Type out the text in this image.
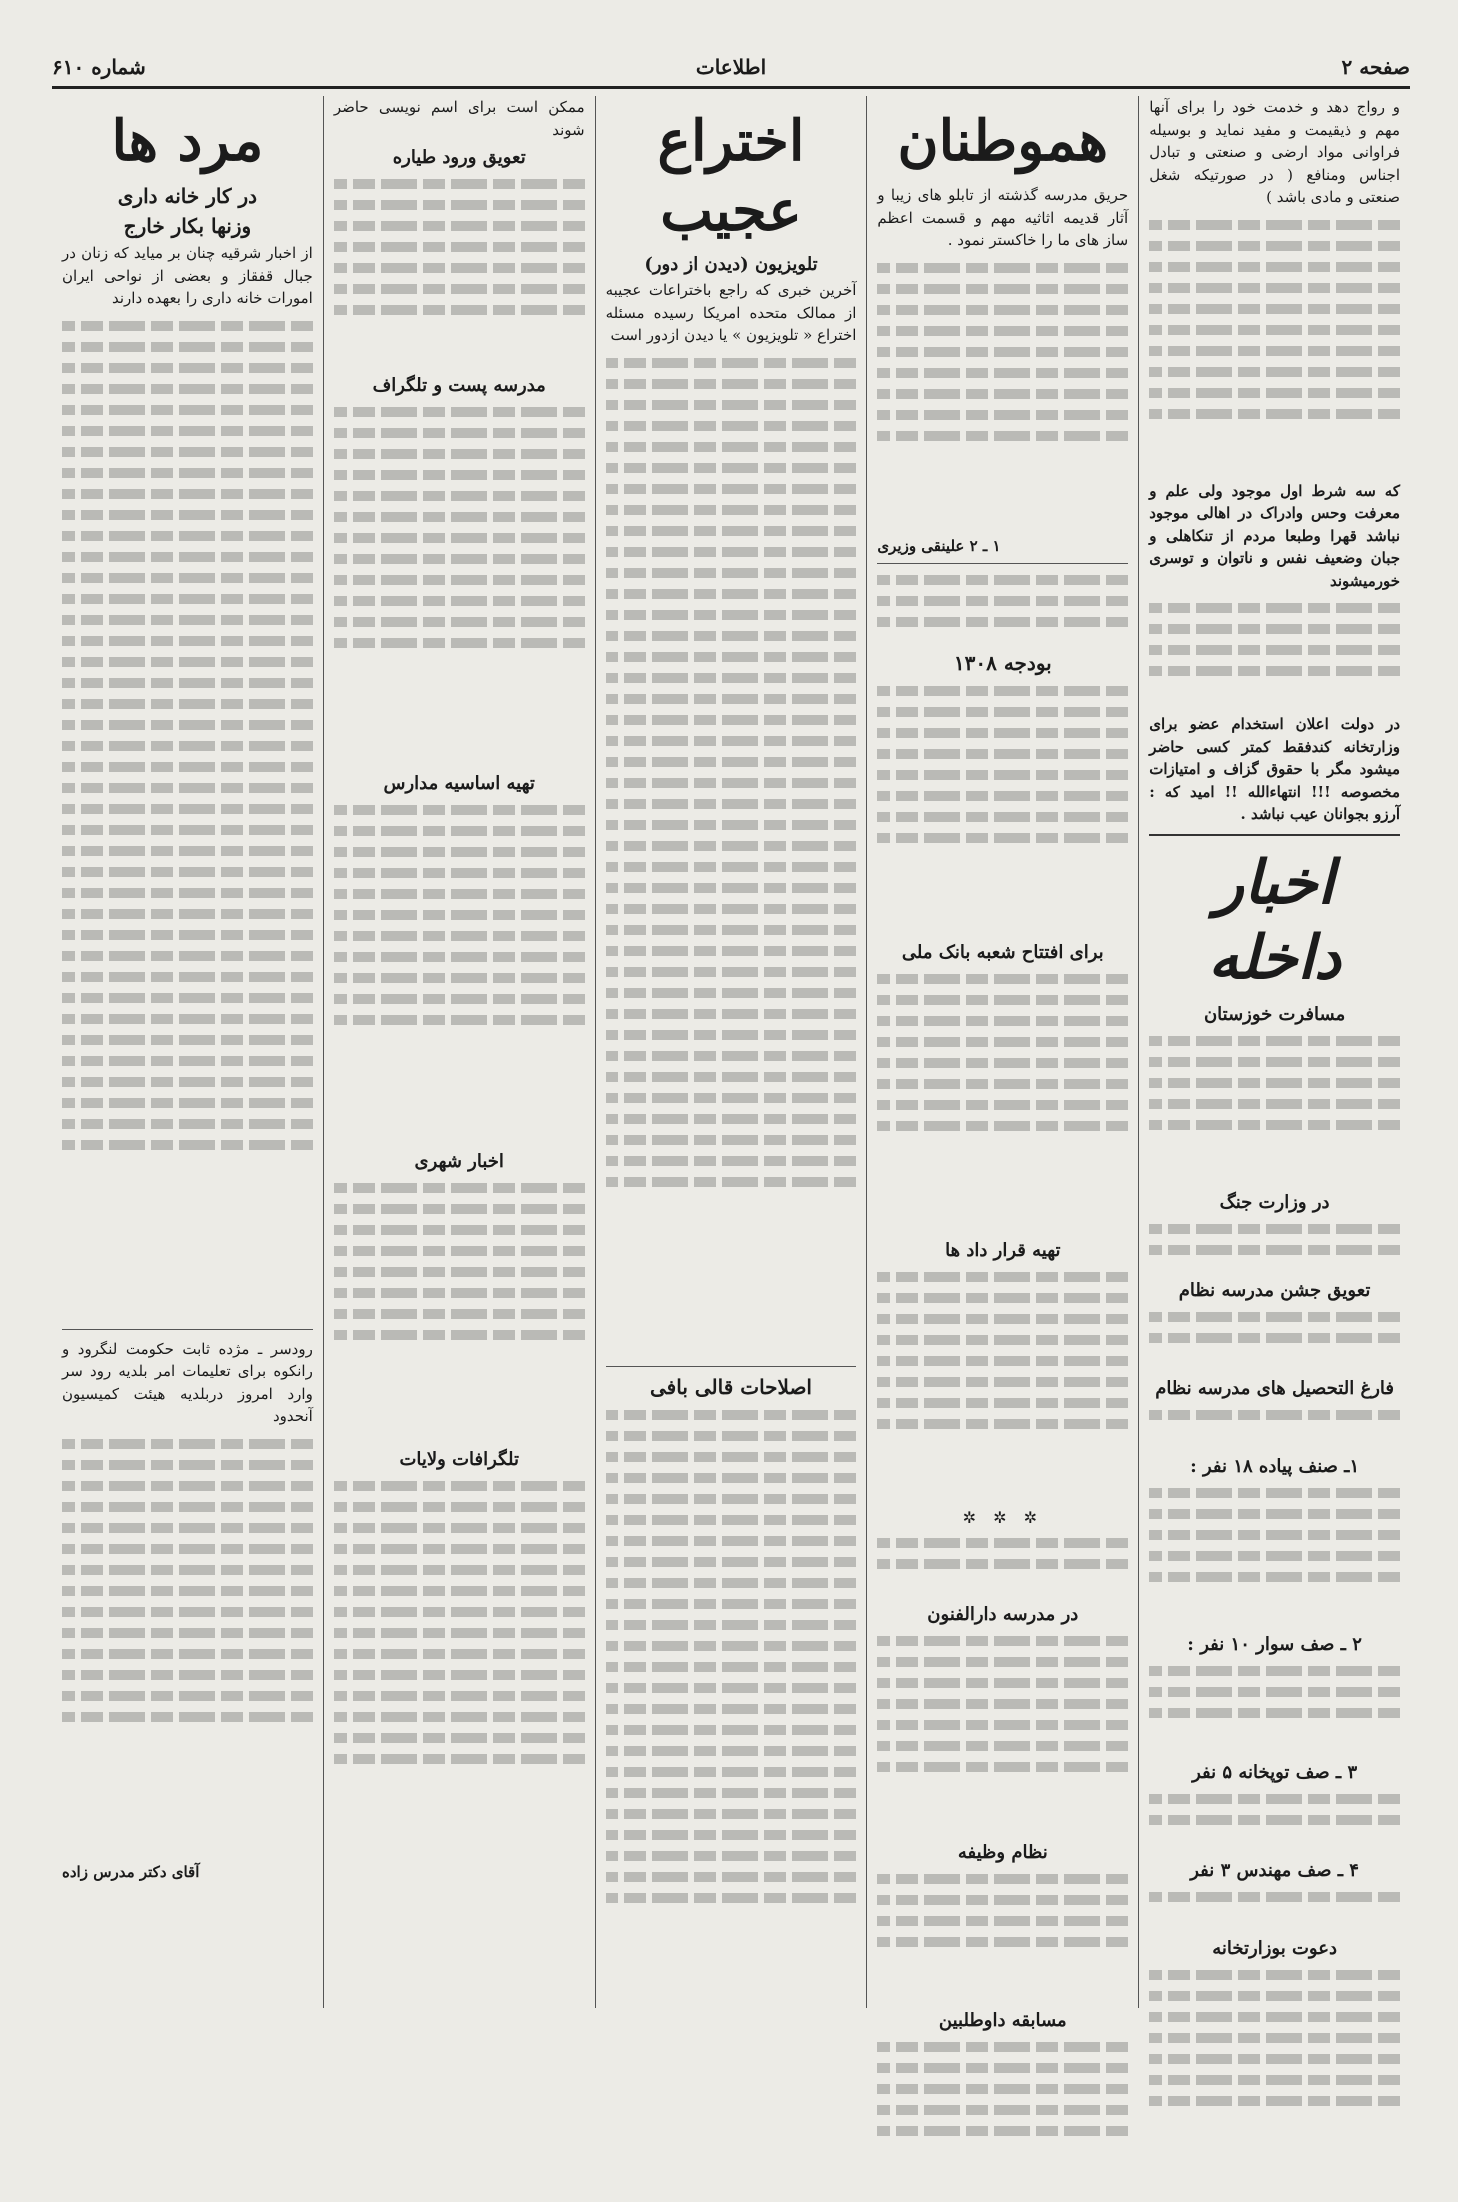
صفحه ۲
اطلاعات
شماره ۶۱۰

و رواج دهد و خدمت خود را برای آنها مهم و ذیقیمت و مفید نماید و بوسیله فراوانی مواد ارضی و صنعتی و تبادل اجناس ومنافع ( در صورتیکه شغل صنعتی و مادی باشد )

که سه شرط اول موجود ولی علم و معرفت وحس وادراک در اهالی موجود نباشد قهرا وطبعا مردم از تنکاهلی و جبان وضعیف نفس و ناتوان و توسری خورمیشوند

در دولت اعلان استخدام عضو برای وزارتخانه کندفقط کمتر کسی حاضر میشود مگر با حقوق گزاف و امتیازات مخصوصه !!! انتهاءالله !! امید که : آرزو بجوانان عیب نباشد .

اخبار داخله
مسافرت خوزستان
در وزارت جنگ
تعویق جشن مدرسه نظام
فارغ التحصیل های مدرسه نظام
۱ـ صنف پیاده ۱۸ نفر :
۲ ـ صف سوار ۱۰ نفر :
۳ ـ صف توپخانه ۵ نفر
۴ ـ صف مهندس ۳ نفر
دعوت بوزارتخانه
هموطنان

حریق مدرسه گذشته از تابلو های زیبا و آثار قدیمه اثاثیه مهم و قسمت اعظم ساز های ما را خاکستر نمود .

۱ ـ ۲ علینقی وزیری
بودجه ۱۳۰۸
برای افتتاح شعبه بانک ملی
تهیه قرار داد ها
✲ ✲ ✲
در مدرسه دارالفنون
نظام وظیفه
مسابقه داوطلبین
اختراع عجیب
تلویزیون (دیدن از دور)

آخرین خبری که راجع باختراعات عجیبه از ممالک متحده امریکا رسیده مسئله اختراع « تلویزیون » یا دیدن ازدور است

اصلاحات قالی بافی

ممکن است برای اسم نویسی حاضر شوند

تعویق ورود طیاره
مدرسه پست و تلگراف
تهیه اساسیه مدارس
اخبار شهری
تلگرافات ولایات
مرد ها
در کار خانه داری
وزنها بکار خارج

از اخبار شرقیه چنان بر میاید که زنان در جبال قفقاز و بعضی از نواحی ایران امورات خانه داری را بعهده دارند

رودسر ـ مژده ثابت حکومت لنگرود و رانکوه برای تعلیمات امر بلدیه رود سر وارد امروز دربلدیه هیئت کمیسیون آنحدود

آقای دکتر مدرس زاده
